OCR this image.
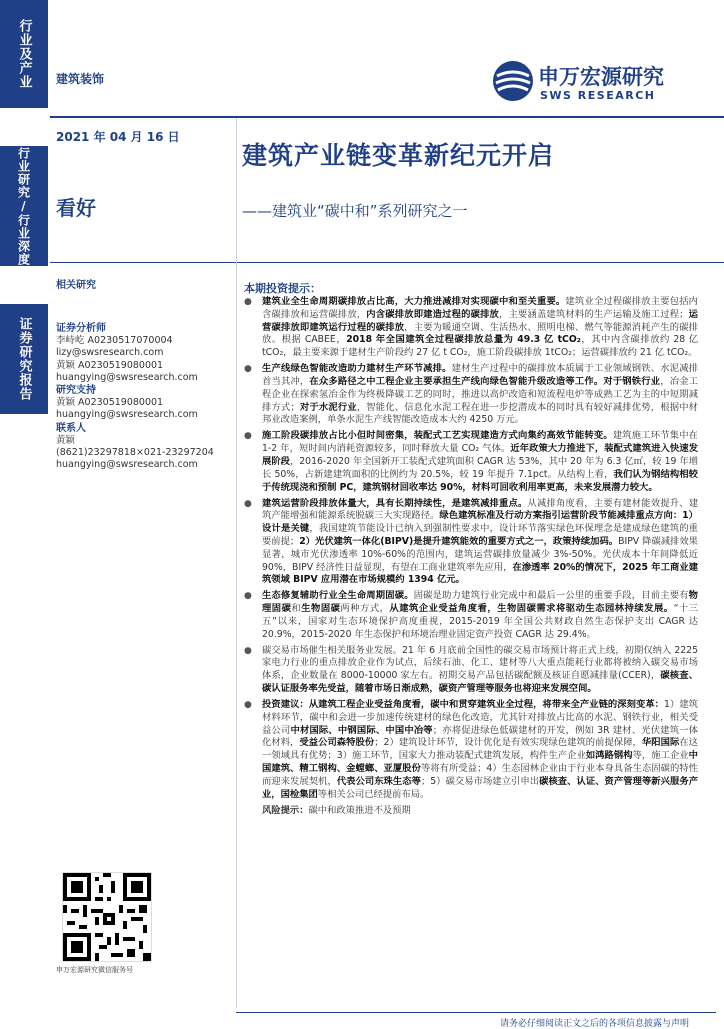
行业及产业
行业研究/行业深度
证券研究报告
建筑装饰	申万宏源研究
SWS RESEARCH
2021 年 04 月 16 日
建筑产业链变革新纪元开启
——建筑业“碳中和”系列研究之一
看好
相关研究
证券分析师
李峙屹 A0230517070004
lizy@swsresearch.com
黄颖 A0230519080001
huangying@swsresearch.com
研究支持
黄颖 A0230519080001
huangying@swsresearch.com
联系人
黄颖
(8621)23297818×021-23297204
huangying@swsresearch.com
申万宏源研究微信服务号
本期投资提示：
● 建筑业全生命周期碳排放占比高，大力推进减排对实现碳中和至关重要。建筑业全过程碳排放主要包括内含碳排放和运营碳排放，内含碳排放即建造过程的碳排放，主要涵盖建筑材料的生产运输及施工过程；运营碳排放即建筑运行过程的碳排放，主要为暖通空调、生活热水、照明电梯、燃气等能源消耗产生的碳排放。根据 CABEE，2018 年全国建筑全过程碳排放总量为 49.3 亿 tCO₂，其中内含碳排放约 28 亿 tCO₂，最主要来源于建材生产阶段约 27 亿 t CO₂，施工阶段碳排放 1tCO₂；运营碳排放约 21 亿 tCO₂。
● 生产线绿色智能改造助力建材生产环节减排。建材生产过程中的碳排放本质属于工业领域钢铁、水泥减排首当其冲，在众多路径之中工程企业主要承担生产线向绿色智能升级改造等工作。对于钢铁行业，冶金工程企业在探索氢冶金作为终极降碳工艺的同时，推进以高炉改造和短流程电炉等成熟工艺为主的中短期减排方式；对于水泥行业，智能化、信息化水泥工程在进一步挖潜成本的同时具有较好减排优势，根据中材邦业改造案例，单条水泥生产线智能改造成本大约 4250 万元。
● 施工阶段碳排放占比小但时间密集，装配式工艺实现建造方式向集约高效节能转变。建筑施工环节集中在 1-2 年，短时间内消耗资源较多，同时释放大量 CO₂ 气体。近年政策大力推进下，装配式建筑进入快速发展阶段，2016-2020 年全国新开工装配式建筑面积 CAGR 达 53%，其中 20 年为 6.3 亿㎡，较 19 年增长 50%，占新建建筑面积的比例约为 20.5%，较 19 年提升 7.1pct。从结构上看，我们认为钢结构相较于传统现浇和预制 PC，建筑钢材回收率达 90%，材料可回收利用率更高，未来发展潜力较大。
● 建筑运营阶段排放体量大，具有长期持续性，是建筑减排重点。从减排角度看，主要有建材能效提升、建筑产能增强和能源系统脱碳三大实现路径。绿色建筑标准及行动方案指引运营阶段节能减排重点方向：1）设计是关键，我国建筑节能设计已纳入到强制性要求中，设计环节落实绿色环保理念是建成绿色建筑的重要前提；2）光伏建筑一体化(BIPV)是提升建筑能效的重要方式之一，政策持续加码。BIPV 降碳减排效果显著，城市光伏渗透率 10%-60%的范围内，建筑运营碳排放量减少 3%-50%。光伏成本十年间降低近 90%，BIPV 经济性日益显现，有望在工商业建筑率先应用，在渗透率 20%的情况下，2025 年工商业建筑领域 BIPV 应用潜在市场规模约 1394 亿元。
● 生态修复辅助行业全生命周期固碳。固碳是助力建筑行业完成中和最后一公里的重要手段，目前主要有物理固碳和生物固碳两种方式，从建筑企业受益角度看，生物固碳需求将驱动生态园林持续发展。“十三五”以来，国家对生态环境保护高度重视，2015-2019 年全国公共财政自然生态保护支出 CAGR 达 20.9%，2015-2020 年生态保护和环境治理业固定资产投资 CAGR 达 29.4%。
● 碳交易市场催生相关服务业发展。21 年 6 月底前全国性的碳交易市场预计将正式上线，初期仅纳入 2225 家电力行业的重点排放企业作为试点，后续石油、化工、建材等八大重点能耗行业都将被纳入碳交易市场体系，企业数量在 8000-10000 家左右。初期交易产品包括碳配额及核证自愿减排量(CCER)，碳核查、碳认证服务率先受益，随着市场日渐成熟，碳资产管理等服务也将迎来发展空间。
● 投资建议：从建筑工程企业受益角度看，碳中和贯穿建筑业全过程，将带来全产业链的深刻变革：1）建筑材料环节，碳中和会进一步加速传统建材的绿色化改造，尤其针对排放占比高的水泥、钢铁行业，相关受益公司中材国际、中钢国际、中国中冶等；亦将促进绿色低碳建材的开发，例如 3R 建材、光伏建筑一体化材料，受益公司森特股份；2）建筑设计环节，设计优化是有效实现绿色建筑的前提保障，华阳国际在这一领域具有优势；3）施工环节，国家大力推动装配式建筑发展，构件生产企业如鸿路钢构等，施工企业中国建筑、精工钢构、金螳螂、亚厦股份等将有所受益；4）生态园林企业由于行业本身具备生态固碳的特性而迎来发展契机，代表公司东珠生态等；5）碳交易市场建立引申出碳核查、认证、资产管理等新兴服务产业，国检集团等相关公司已经提前布局。
风险提示：碳中和政策推进不及预期
请务必仔细阅读正文之后的各项信息披露与声明
